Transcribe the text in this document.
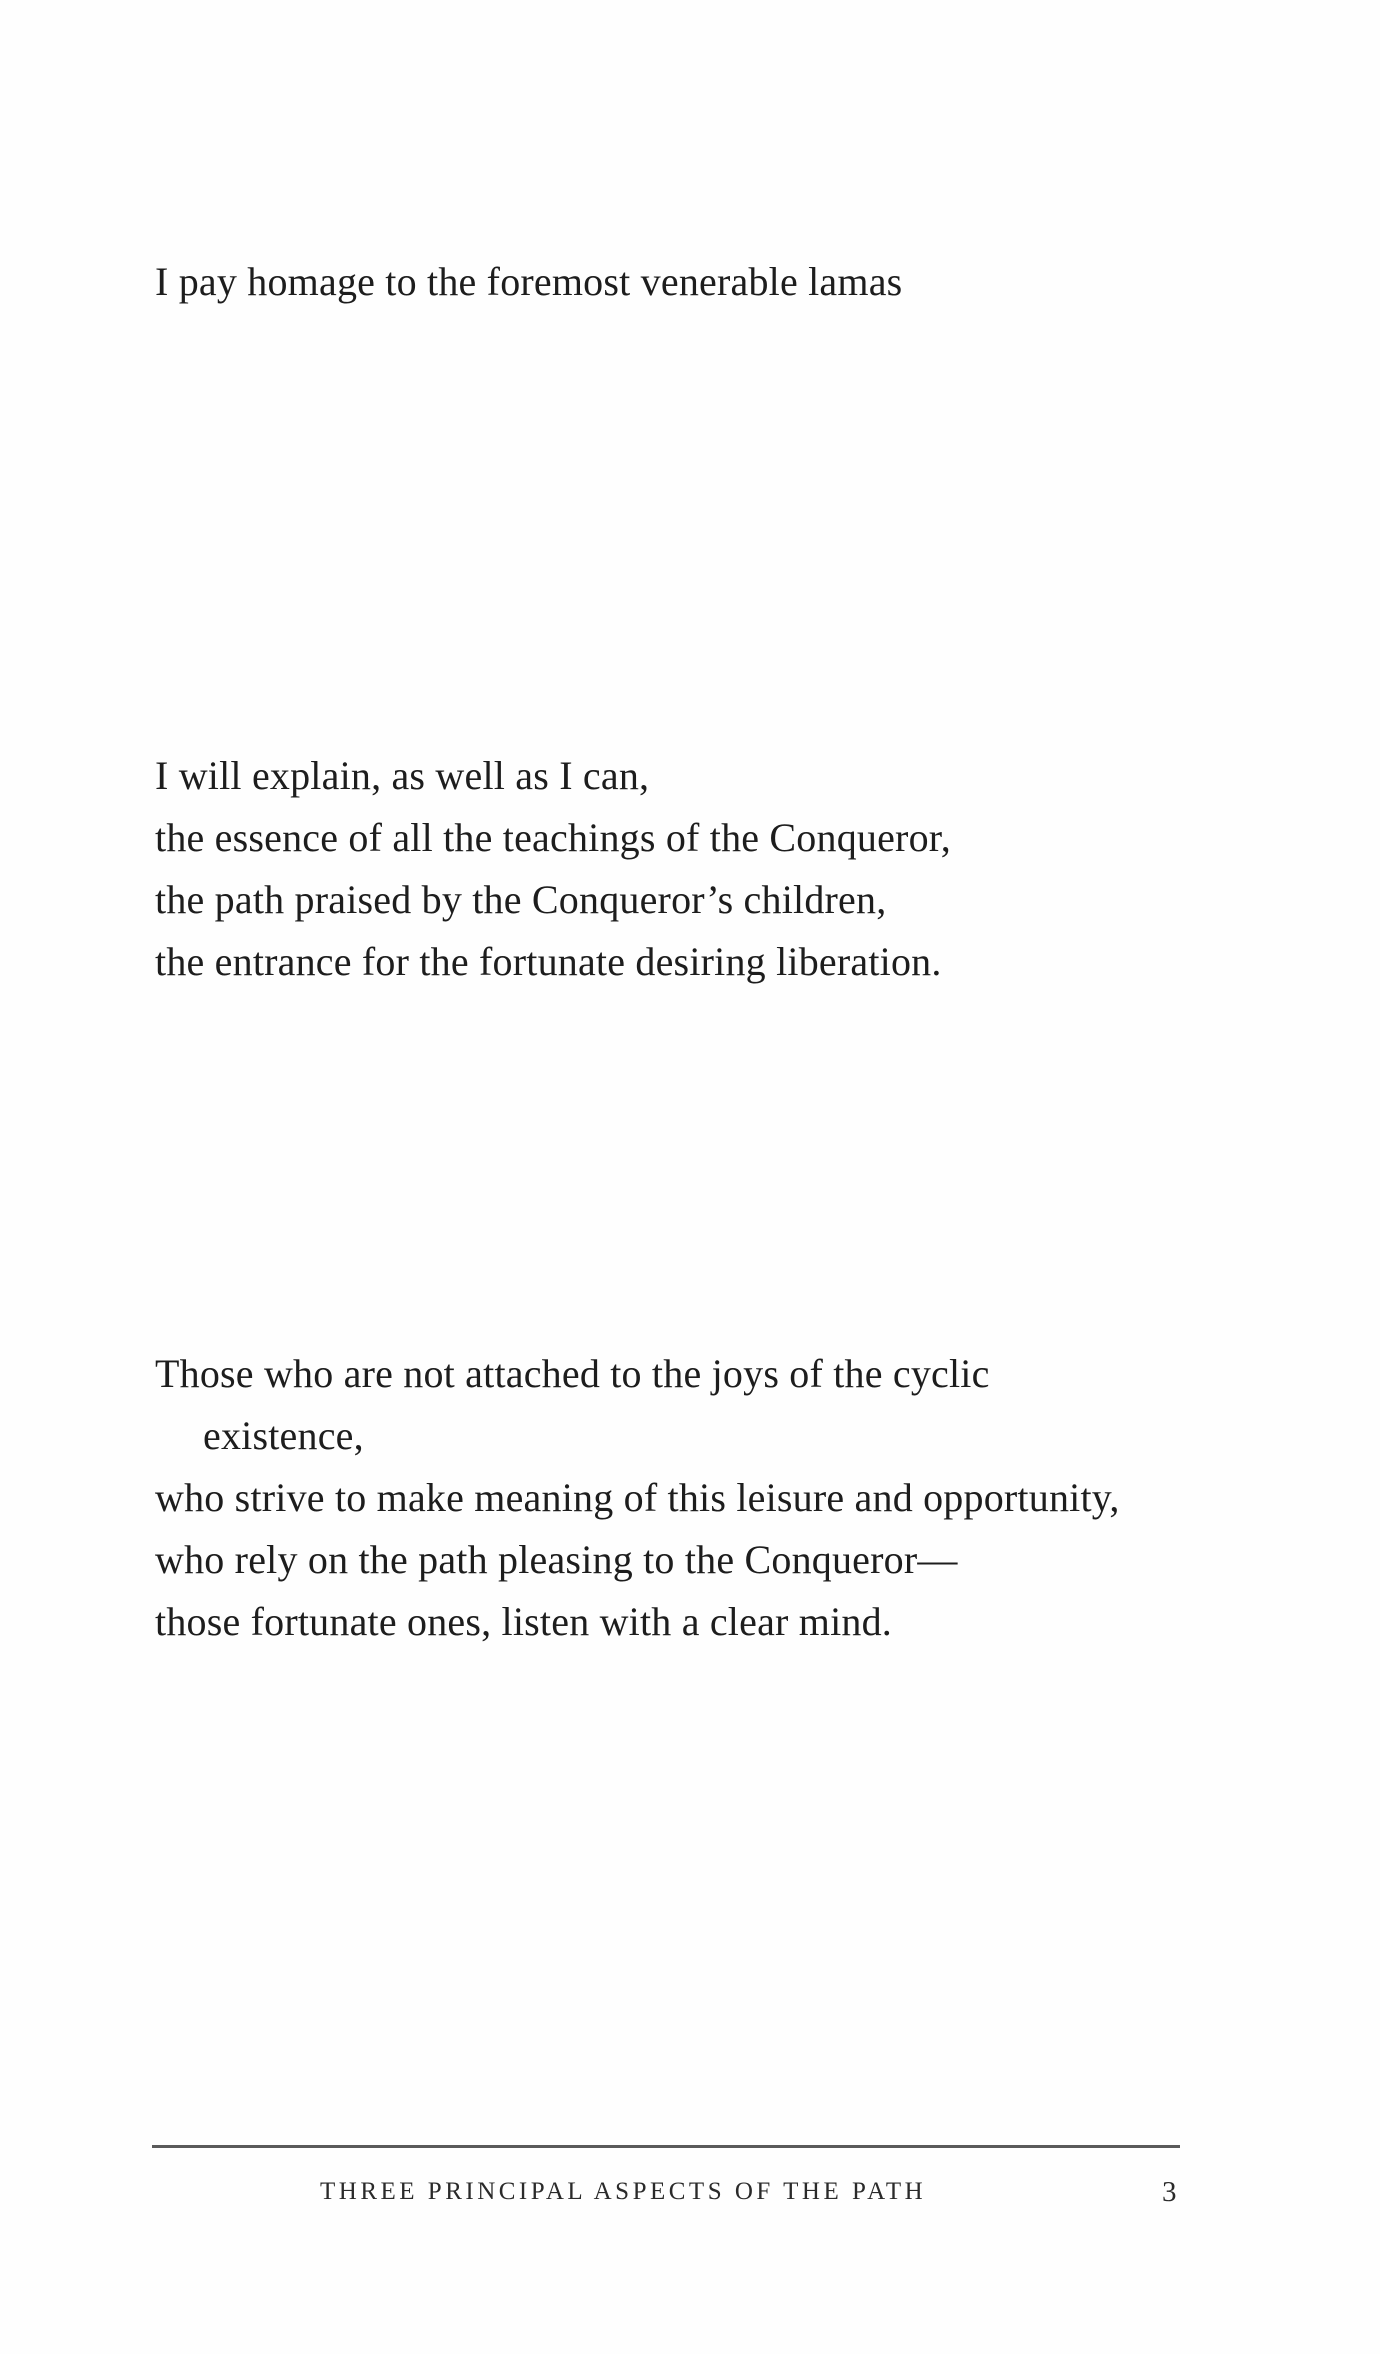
I pay homage to the foremost venerable lamas
I will explain, as well as I can,
the essence of all the teachings of the Conqueror,
the path praised by the Conqueror’s children,
the entrance for the fortunate desiring liberation.
Those who are not attached to the joys of the cyclic
existence,
who strive to make meaning of this leisure and opportunity,
who rely on the path pleasing to the Conqueror—
those fortunate ones, listen with a clear mind.
THREE PRINCIPAL ASPECTS OF THE PATH	3
